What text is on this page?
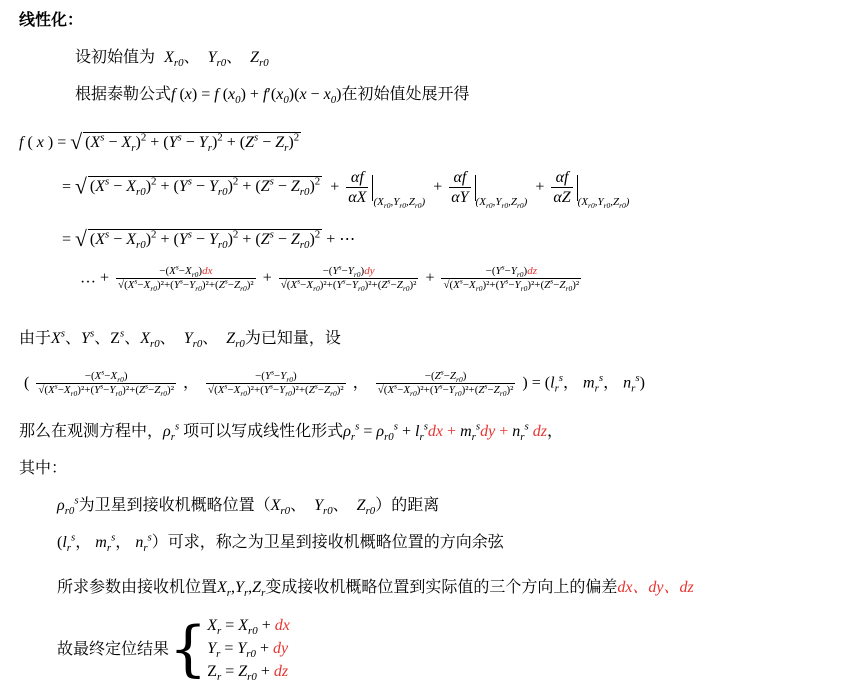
线性化：
设初始值为  $X_{r0}$、  $Y_{r0}$、  $Z_{r0}$
根据泰勒公式f (x) = f $(x_0) + f'(x_0)(x - x_0)$在初始值处展开得
f ( x ) = √ $(X^s - X_r)^2 + (Y^s - Y_r)^2 + (Z^s - Z_r)^2$
= √ $(X^s - X_{r0})^2 + (Y^s - Y_{r0})^2 + (Z^s - Z_{r0})^2 + \frac{\alpha f}{\alpha X} _{(X_{r0},Y_{r0},Z_{r0})} + \frac{\alpha f}{\alpha Y} _{(X_{r0},Y_{r0},Z_{r0})} + \frac{\alpha f}{\alpha Z} _{(X_{r0},Y_{r0},Z_{r0})}$
= √ $(X^s - X_{r0})^2 + (Y^s - Y_{r0})^2 + (Z^s - Z_{r0})^2$ + ⋯
… + $\frac{-(X^s-X_{r0})dx}{√(X^s-X_{r0})^2+(Y^s-Y_{r0})^2+(Z^s-Z_{r0})^2} + \frac{-(Y^s-Y_{r0})dy}{√(X^s-X_{r0})^2+(Y^s-Y_{r0})^2+(Z^s-Z_{r0})^2} + \frac{-(Y^s-Y_{r0})dz}{√(X^s-X_{r0})^2+(Y^s-Y_{r0})^2+(Z^s-Z_{r0})^2}$
由于$X^s$、$Y^s$、$Z^s$、$X_{r0}$、  $Y_{r0}$、  $Z_{r0}$为已知量，设
( $\frac{-(X^s-X_{r0})}{√(X^s-X_{r0})^2+(Y^s-Y_{r0})^2+(Z^s-Z_{r0})^2}$ ， $\frac{-(Y^s-Y_{r0})}{√(X^s-X_{r0})^2+(Y^s-Y_{r0})^2+(Z^s-Z_{r0})^2}$ ， $\frac{-(Z^s-Z_{r0})}{√(X^s-X_{r0})^2+(Y^s-Y_{r0})^2+(Z^s-Z_{r0})^2}$ ) = ($l_r^s$， $m_r^s$， $n_r^s$)
那么在观测方程中，$\rho_r^s$ 项可以写成线性化形式$\rho_r^s = \rho_{r0}^s + l_r^sdx + m_r^sdy + n_r^s$ dz，
其中：
$\rho_{r0}^s$为卫星到接收机概略位置（$X_{r0}$、  $Y_{r0}$、  $Z_{r0}$）的距离
($l_r^s$， $m_r^s$， $n_r^s$）可求，称之为卫星到接收机概略位置的方向余弦
所求参数由接收机位置$X_r,Y_r,Z_r$变成接收机概略位置到实际值的三个方向上的偏差dx、dy、dz
故最终定位结果{ $X_r = X_{r0}$ + dx
$Y_r = Y_{r0}$ + dy
$Z_r = Z_{r0}$ + dz
